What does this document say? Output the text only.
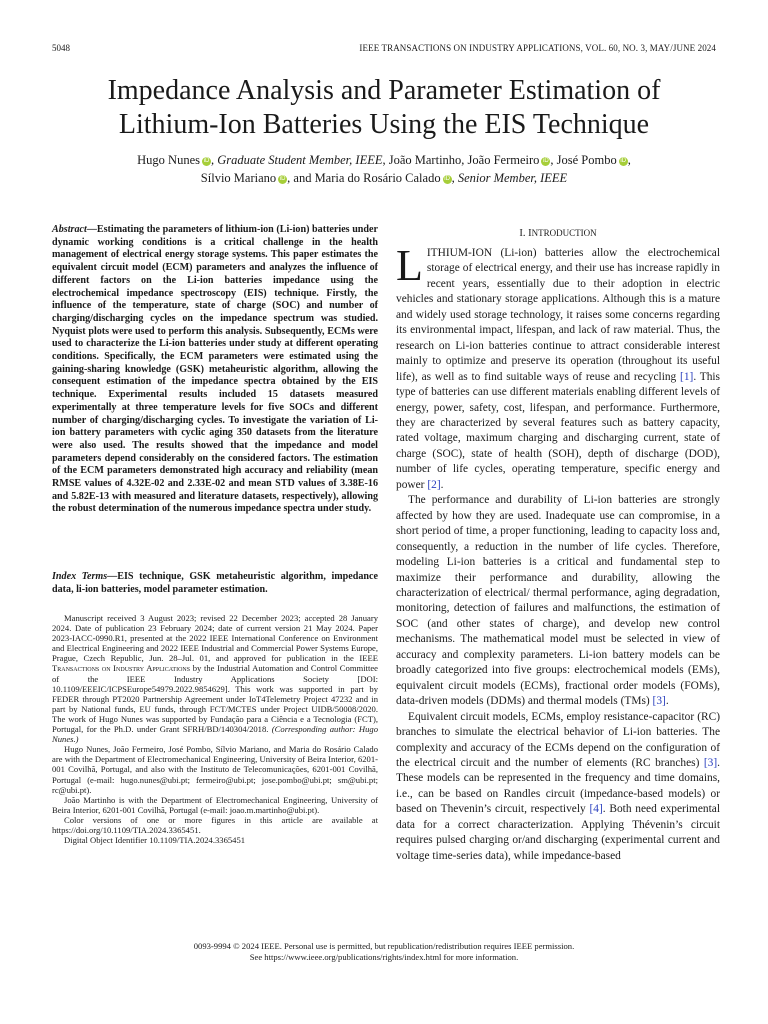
5048	IEEE TRANSACTIONS ON INDUSTRY APPLICATIONS, VOL. 60, NO. 3, MAY/JUNE 2024
Impedance Analysis and Parameter Estimation of
Lithium-Ion Batteries Using the EIS Technique
Hugo Nunes iD , Graduate Student Member, IEEE, João Martinho, João Fermeiro iD , José Pombo iD ,
Sílvio Mariano iD , and Maria do Rosário Calado iD , Senior Member, IEEE
Abstract—Estimating the parameters of lithium-ion (Li-ion) batteries under dynamic working conditions is a critical challenge in the health management of electrical energy storage systems. This paper estimates the equivalent circuit model (ECM) parameters and analyzes the influence of different factors on the Li-ion batteries impedance using the electrochemical impedance spectroscopy (EIS) technique. Firstly, the influence of the temperature, state of charge (SOC) and number of charging/discharging cycles on the impedance spectrum was studied. Nyquist plots were used to perform this analysis. Subsequently, ECMs were used to characterize the Li-ion batteries under study at different operating conditions. Specifically, the ECM parameters were estimated using the gaining-sharing knowledge (GSK) metaheuristic algorithm, allowing the consequent estimation of the impedance spectra obtained by the EIS technique. Experimental results included 15 datasets measured experimentally at three temperature levels for five SOCs and different number of charging/discharging cycles. To investigate the variation of Li-ion battery parameters with cyclic aging 350 datasets from the literature were also used. The results showed that the impedance and model parameters depend considerably on the considered factors. The estimation of the ECM parameters demonstrated high accuracy and reliability (mean RMSE values of 4.32E-02 and 2.33E-02 and mean STD values of 3.38E-16 and 5.82E-13 with measured and literature datasets, respectively), allowing the robust determination of the numerous impedance spectra under study.
Index Terms—EIS technique, GSK metaheuristic algorithm, impedance data, li-ion batteries, model parameter estimation.

Manuscript received 3 August 2023; revised 22 December 2023; accepted 28 January 2024. Date of publication 23 February 2024; date of current version 21 May 2024. Paper 2023-IACC-0990.R1, presented at the 2022 IEEE International Conference on Environment and Electrical Engineering and 2022 IEEE Industrial and Commercial Power Systems Europe, Prague, Czech Republic, Jun. 28–Jul. 01, and approved for publication in the IEEE Transactions on Industry Applications by the Industrial Automation and Control Committee of the IEEE Industry Applications Society [DOI: 10.1109/EEEIC/ICPSEurope54979.2022.9854629]. This work was supported in part by FEDER through PT2020 Partnership Agreement under IoT4Telemetry Project 47232 and in part by National funds, EU funds, through FCT/MCTES under Project UIDB/50008/2020. The work of Hugo Nunes was supported by Fundação para a Ciência e a Tecnologia (FCT), Portugal, for the Ph.D. under Grant SFRH/BD/140304/2018. (Corresponding author: Hugo Nunes.)

Hugo Nunes, João Fermeiro, José Pombo, Sílvio Mariano, and Maria do Rosário Calado are with the Department of Electromechanical Engineering, University of Beira Interior, 6201-001 Covilhã, Portugal, and also with the Instituto de Telecomunicações, 6201-001 Covilhã, Portugal (e-mail: hugo.nunes@ubi.pt; fermeiro@ubi.pt; jose.pombo@ubi.pt; sm@ubi.pt; rc@ubi.pt).

João Martinho is with the Department of Electromechanical Engineering, University of Beira Interior, 6201-001 Covilhã, Portugal (e-mail: joao.m.martinho@ubi.pt).

Color versions of one or more figures in this article are available at https://doi.org/10.1109/TIA.2024.3365451.

Digital Object Identifier 10.1109/TIA.2024.3365451

I. INTRODUCTION

LITHIUM-ION (Li-ion) batteries allow the electrochemical storage of electrical energy, and their use has increase rapidly in recent years, essentially due to their adoption in electric vehicles and stationary storage applications. Although this is a mature and widely used storage technology, it raises some concerns regarding its environmental impact, lifespan, and lack of raw material. Thus, the research on Li-ion batteries continue to attract considerable interest mainly to optimize and preserve its operation (throughout its useful life), as well as to find suitable ways of reuse and recycling [1]. This type of batteries can use different materials enabling different levels of energy, power, safety, cost, lifespan, and performance. Furthermore, they are characterized by several features such as battery capacity, rated voltage, maximum charging and discharging current, state of charge (SOC), state of health (SOH), depth of discharge (DOD), number of life cycles, operating temperature, specific energy and power [2].

The performance and durability of Li-ion batteries are strongly affected by how they are used. Inadequate use can compromise, in a short period of time, a proper functioning, leading to capacity loss and, consequently, a reduction in the number of life cycles. Therefore, modeling Li-ion batteries is a critical and fundamental step to maximize their performance and durability, allowing the characterization of electrical/ thermal performance, aging degradation, monitoring, detection of failures and malfunctions, the estimation of SOC (and other states of charge), and develop new control mechanisms. The mathematical model must be selected in view of accuracy and complexity parameters. Li-ion battery models can be broadly categorized into five groups: electrochemical models (EMs), equivalent circuit models (ECMs), fractional order models (FOMs), data-driven models (DDMs) and thermal models (TMs) [3].

Equivalent circuit models, ECMs, employ resistance-capacitor (RC) branches to simulate the electrical behavior of Li-ion batteries. The complexity and accuracy of the ECMs depend on the configuration of the electrical circuit and the number of elements (RC branches) [3]. These models can be represented in the frequency and time domains, i.e., can be based on Randles circuit (impedance-based models) or based on Thevenin’s circuit, respectively [4]. Both need experimental data for a correct characterization. Applying Thévenin’s circuit requires pulsed charging or/and discharging (experimental current and voltage time-series data), while impedance-based

0093-9994 © 2024 IEEE. Personal use is permitted, but republication/redistribution requires IEEE permission.
See https://www.ieee.org/publications/rights/index.html for more information.
